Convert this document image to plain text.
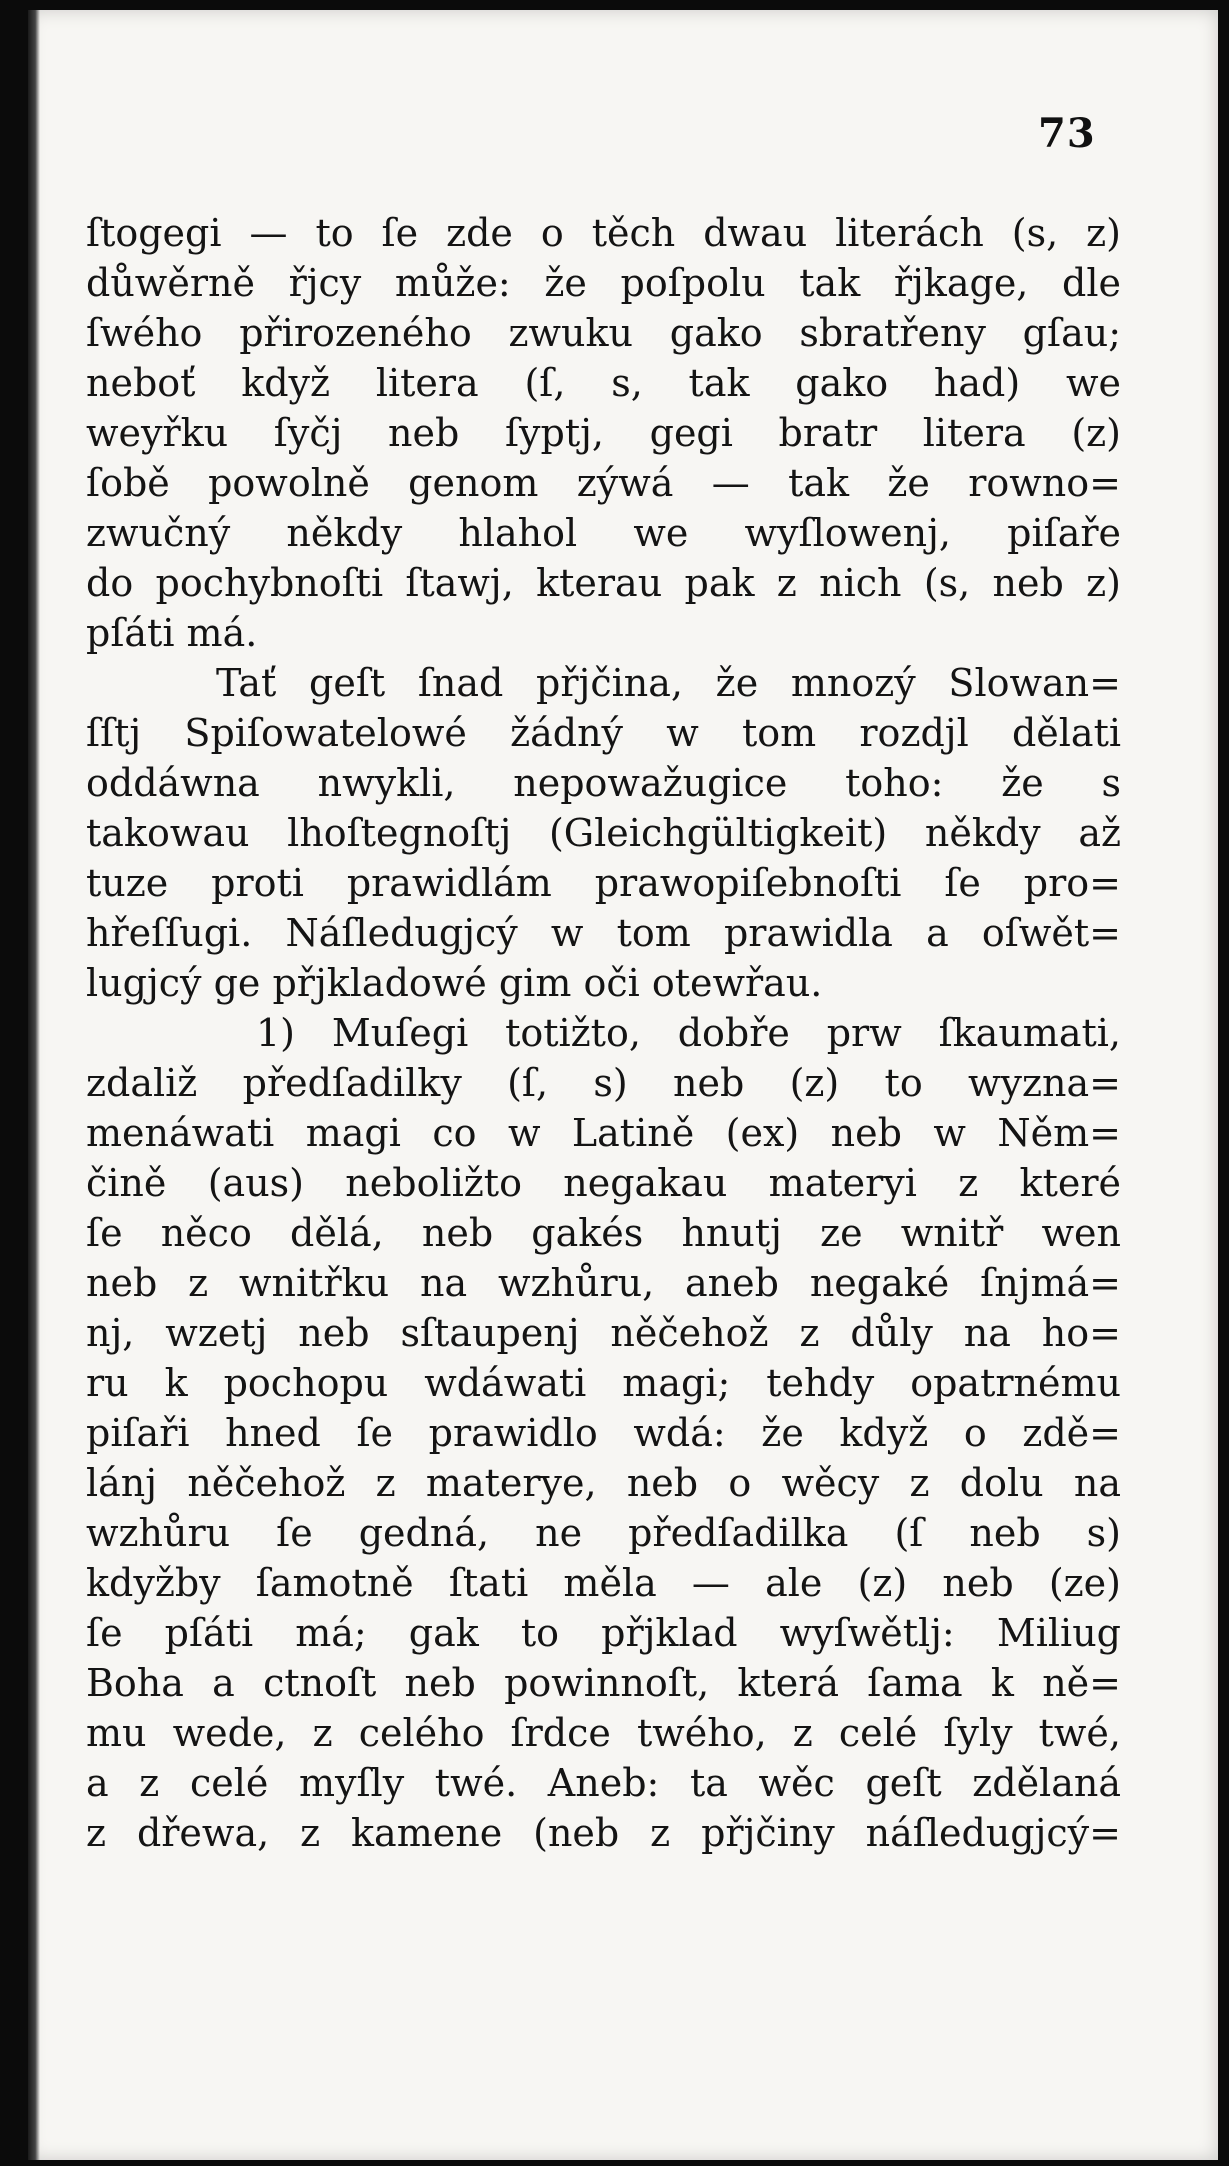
73
ſtogegi — to ſe zde o těch dwau literách (s, z)
důwěrně řjcy může: že poſpolu tak řjkage, dle
ſwého přirozeného zwuku gako sbratřeny gſau;
neboť když litera (ſ, s, tak gako had) we
weyřku ſyčj neb ſyptj, gegi bratr litera (z)
ſobě powolně genom zýwá — tak že rowno=
zwučný někdy hlahol we wyſlowenj, piſaře
do pochybnoſti ſtawj, kterau pak z nich (s, neb z)
pſáti má.
Tať geſt ſnad přjčina, že mnozý Slowan=
ſſtj Spiſowatelowé žádný w tom rozdjl dělati
oddáwna nwykli, nepowažugice toho: že s
takowau lhoſtegnoſtj (Gleichgültigkeit) někdy až
tuze proti prawidlám prawopiſebnoſti ſe pro=
hřeſſugi. Náſledugjcý w tom prawidla a oſwět=
lugjcý ge přjkladowé gim oči otewřau.
1) Muſegi totižto, dobře prw ſkaumati,
zdaliž předſadilky (ſ, s) neb (z) to wyzna=
menáwati magi co w Latině (ex) neb w Něm=
čině (aus) neboližto negakau materyi z které
ſe něco dělá, neb gakés hnutj ze wnitř wen
neb z wnitřku na wzhůru, aneb negaké ſnjmá=
nj, wzetj neb sſtaupenj něčehož z důly na ho=
ru k pochopu wdáwati magi; tehdy opatrnému
piſaři hned ſe prawidlo wdá: že když o zdě=
lánj něčehož z materye, neb o wěcy z dolu na
wzhůru ſe gedná, ne předſadilka (ſ neb s)
kdyžby ſamotně ſtati měla — ale (z) neb (ze)
ſe pſáti má; gak to přjklad wyſwětlj: Miliug
Boha a ctnoſt neb powinnoſt, která ſama k ně=
mu wede, z celého ſrdce twého, z celé ſyly twé,
a z celé myſly twé. Aneb: ta wěc geſt zdělaná
z dřewa, z kamene (neb z přjčiny náſledugjcý=
